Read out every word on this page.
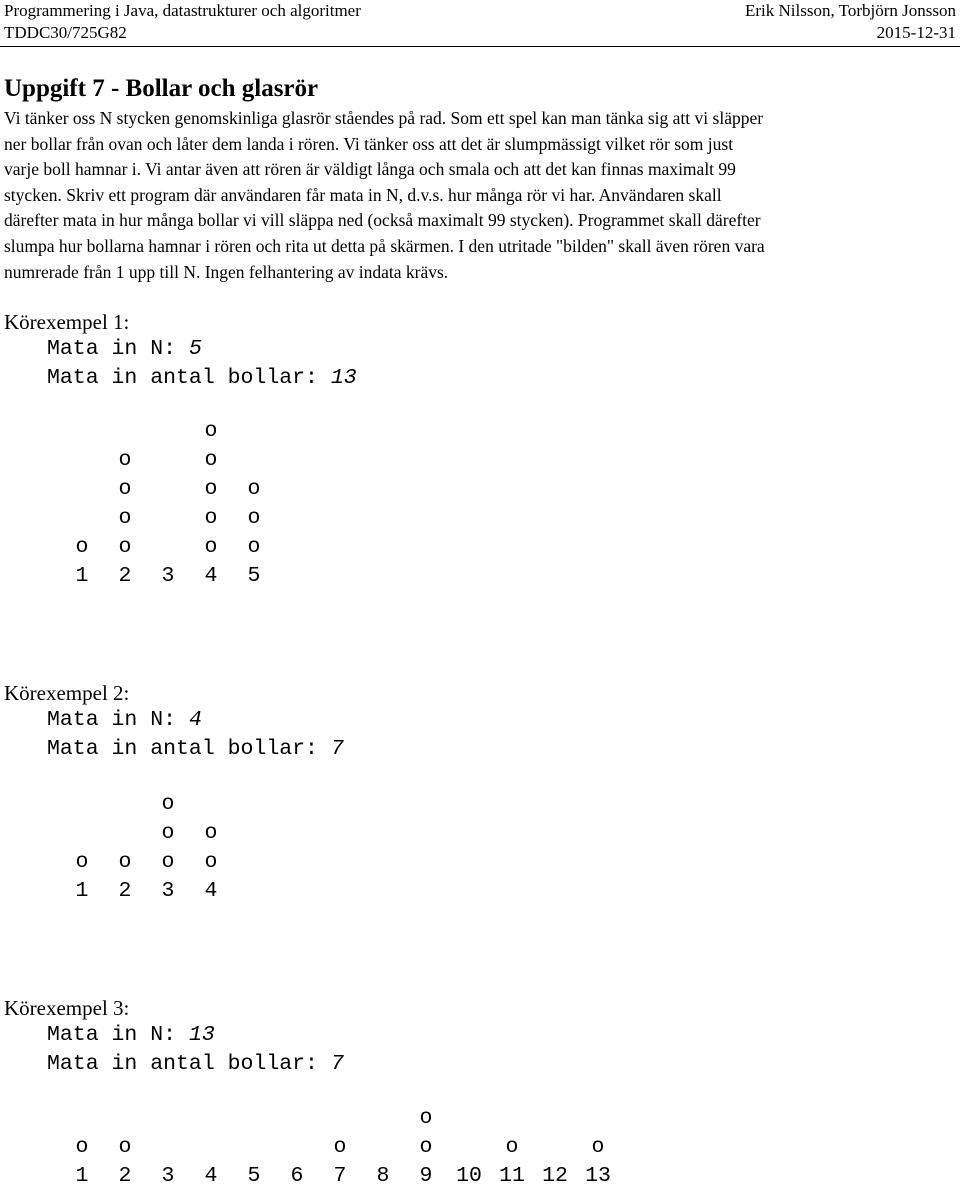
Programmering i Java, datastrukturer och algoritmer	Erik Nilsson, Torbjörn Jonsson
TDDC30/725G82	2015-12-31
Uppgift 7 - Bollar och glasrör
Vi tänker oss N stycken genomskinliga glasrör ståendes på rad. Som ett spel kan man tänka sig att vi släpper
ner bollar från ovan och låter dem landa i rören. Vi tänker oss att det är slumpmässigt vilket rör som just
varje boll hamnar i. Vi antar även att rören är väldigt långa och smala och att det kan finnas maximalt 99
stycken. Skriv ett program där användaren får mata in N, d.v.s. hur många rör vi har. Användaren skall
därefter mata in hur många bollar vi vill släppa ned (också maximalt 99 stycken). Programmet skall därefter
slumpa hur bollarna hamnar i rören och rita ut detta på skärmen. I den utritade "bilden" skall även rören vara
numrerade från 1 upp till N. Ingen felhantering av indata krävs.
Körexempel 1:
Mata in N: 5
Mata in antal bollar: 13
Körexempel 2:
Mata in N: 4
Mata in antal bollar: 7
Körexempel 3:
Mata in N: 13
Mata in antal bollar: 7
1
o
2
o
o
o
o
3 4
o
o
o
o
o
5
o
o
o
1
o
2
o
3
o
o
o
4
o
o
1
o
2
o
3 4 5 6 7
o
8 9
o
o
10 11
o
12 13
o
